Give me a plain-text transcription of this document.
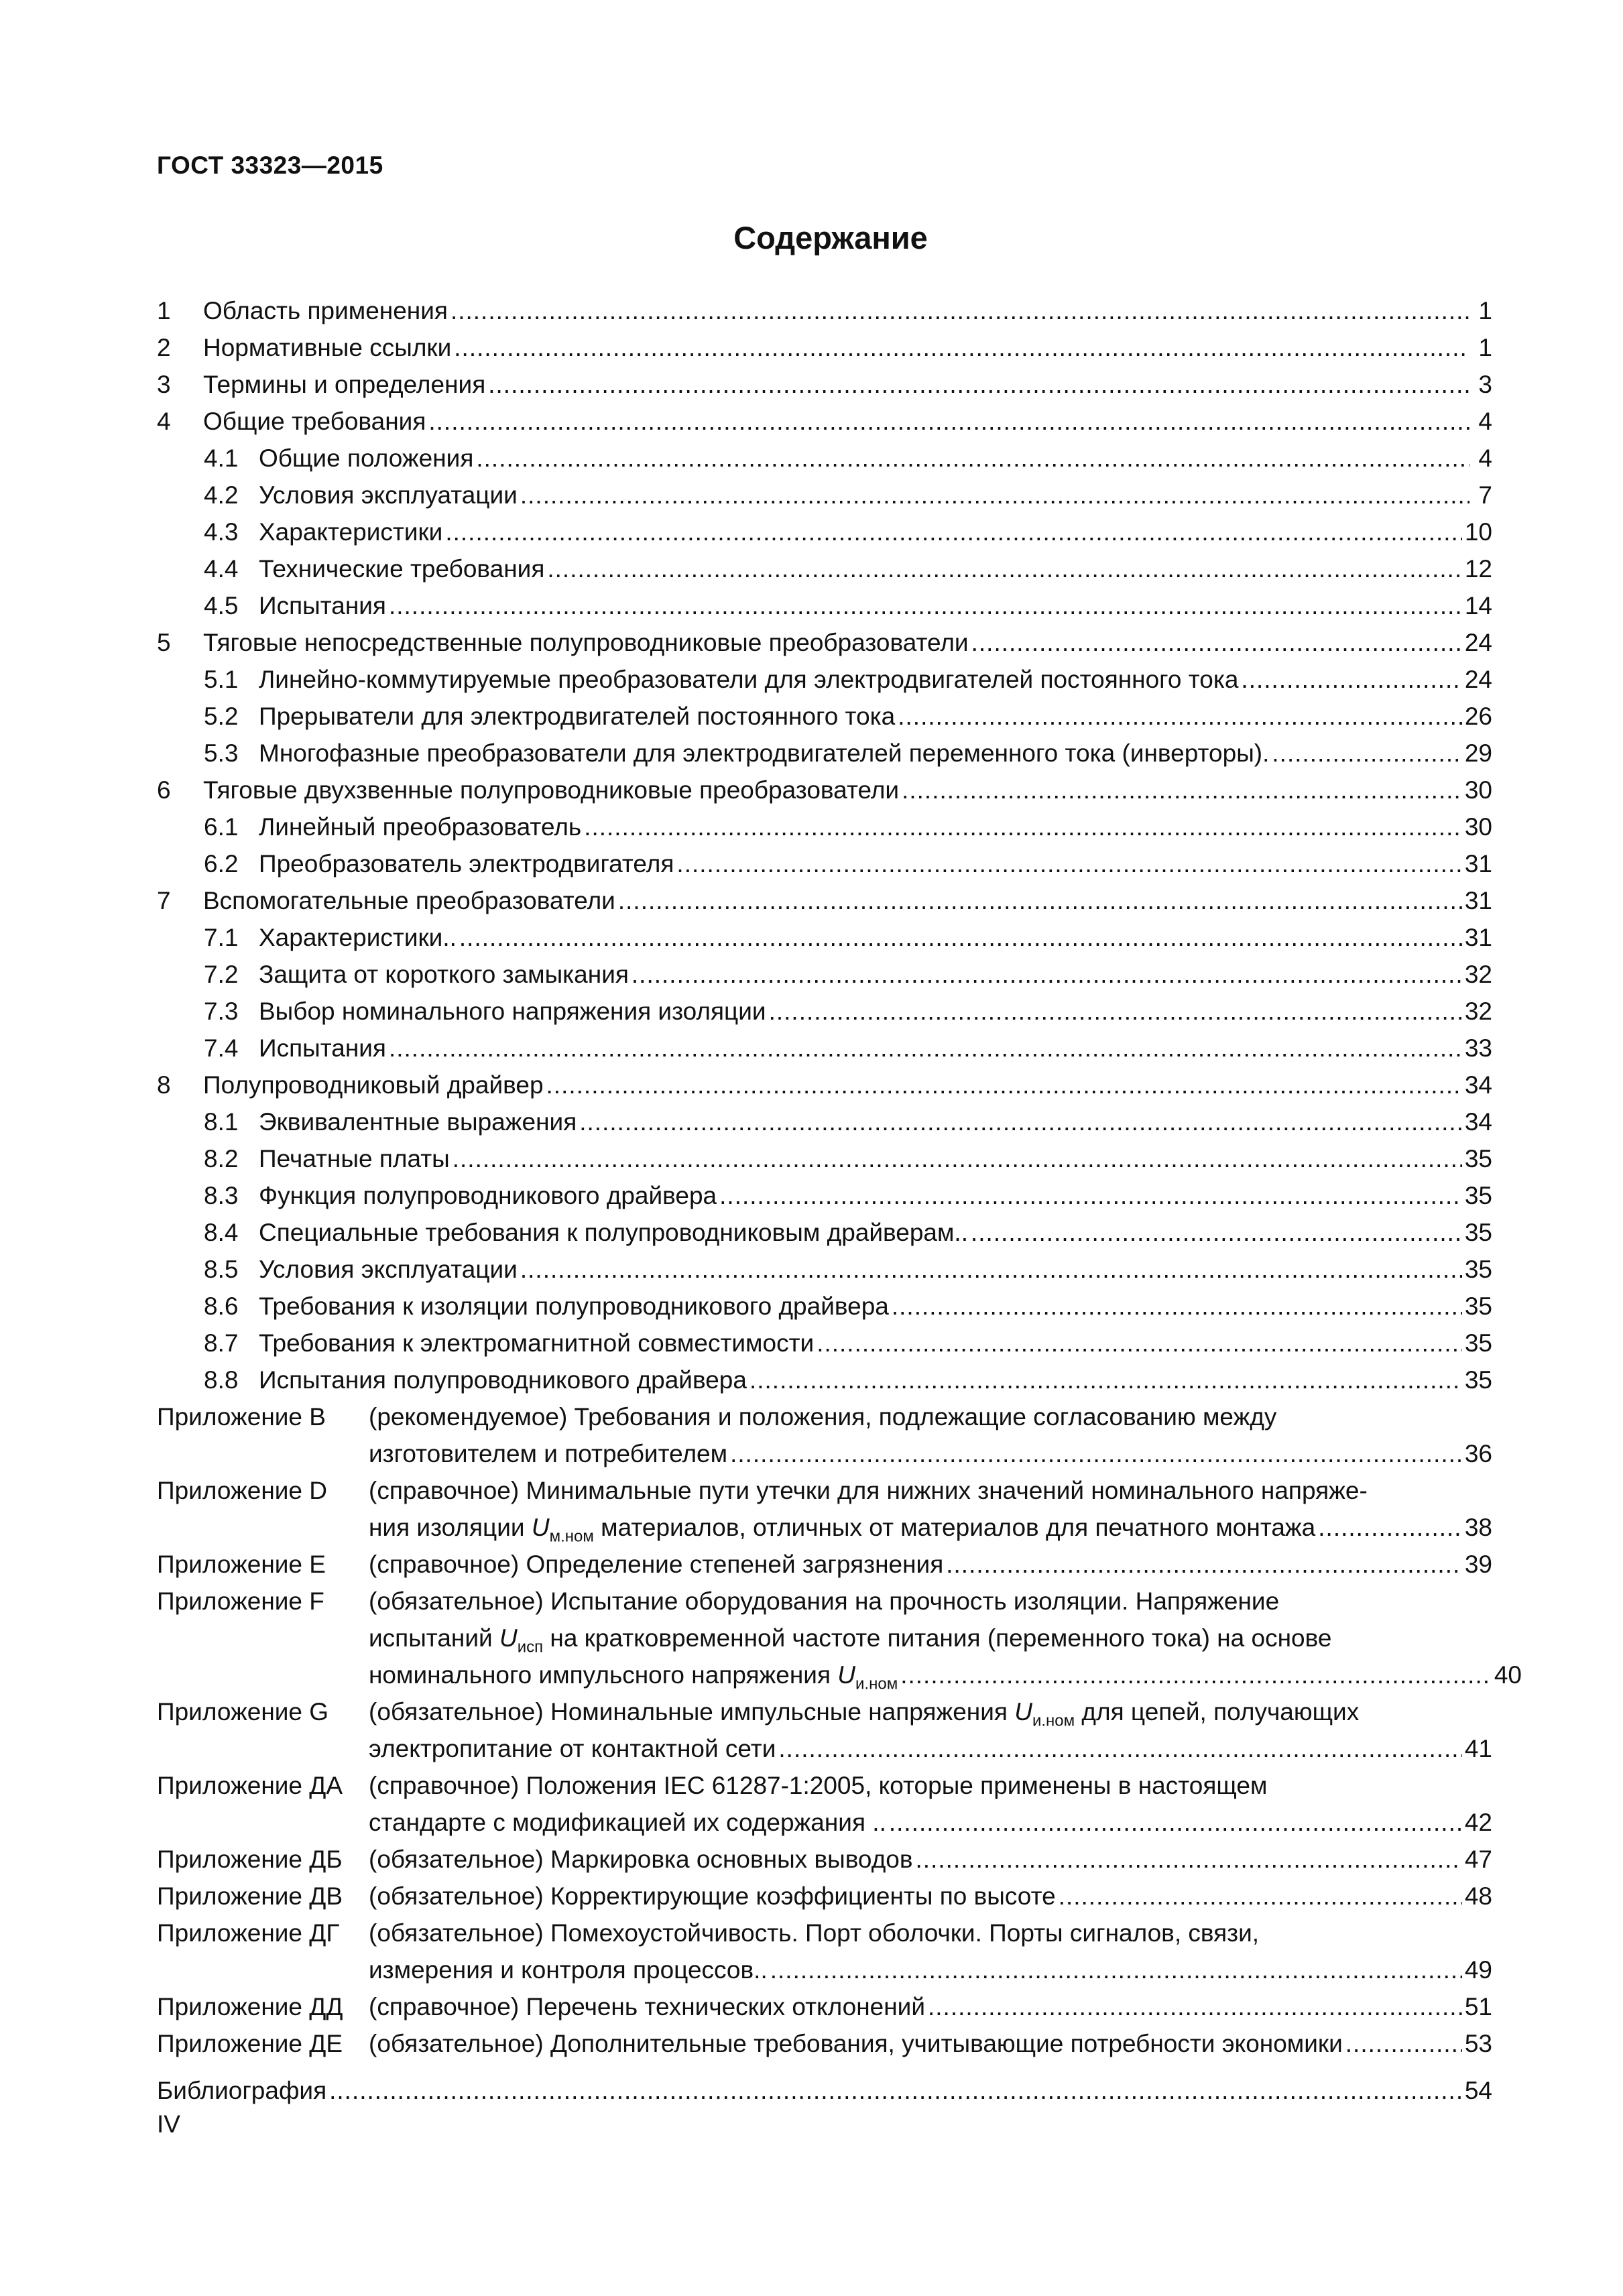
ГОСТ 33323—2015
Содержание
1	Область применения .....	1
2	Нормативные ссылки .....	1
3	Термины и определения .....	3
4	Общие требования .....	4
4.1 Общие положения .....	4
4.2 Условия эксплуатации .....	7
4.3 Характеристики .....	10
4.4 Технические требования .....	12
4.5 Испытания .....	14
5	Тяговые непосредственные полупроводниковые преобразователи .....	24
5.1 Линейно-коммутируемые преобразователи для электродвигателей постоянного тока .....	24
5.2 Прерыватели для электродвигателей постоянного тока .....	26
5.3 Многофазные преобразователи для электродвигателей переменного тока (инверторы). .....	29
6	Тяговые двухзвенные полупроводниковые преобразователи .....	30
6.1 Линейный преобразователь .....	30
6.2 Преобразователь электродвигателя .....	31
7	Вспомогательные преобразователи .....	31
7.1 Характеристики.. .....	31
7.2 Защита от короткого замыкания .....	32
7.3 Выбор номинального напряжения изоляции .....	32
7.4 Испытания .....	33
8	Полупроводниковый драйвер .....	34
8.1 Эквивалентные выражения .....	34
8.2 Печатные платы .....	35
8.3 Функция полупроводникового драйвера .....	35
8.4 Специальные требования к полупроводниковым драйверам.. .....	35
8.5 Условия эксплуатации .....	35
8.6 Требования к изоляции полупроводникового драйвера .....	35
8.7 Требования к электромагнитной совместимости .....	35
8.8 Испытания полупроводникового драйвера .....	35
Приложение B	(рекомендуемое) Требования и положения, подлежащие согласованию между
изготовителем и потребителем .....	36
Приложение D	(справочное) Минимальные пути утечки для нижних значений номинального напряже-
ния изоляции $U_{м.ном}$ материалов, отличных от материалов для печатного монтажа .....	38
Приложение E	(справочное) Определение степеней загрязнения .....	39
Приложение F	(обязательное) Испытание оборудования на прочность изоляции. Напряжение
испытаний $U_{исп}$ на кратковременной частоте питания (переменного тока) на основе
номинального импульсного напряжения $U_{и.ном}$ .....	40
Приложение G	(обязательное) Номинальные импульсные напряжения $U_{и.ном}$ для цепей, получающих
электропитание от контактной сети .....	41
Приложение ДА	(справочное) Положения IEC 61287-1:2005, которые применены в настоящем
стандарте с модификацией их содержания .. .....	42
Приложение ДБ	(обязательное) Маркировка основных выводов .....	47
Приложение ДВ	(обязательное) Корректирующие коэффициенты по высоте .....	48
Приложение ДГ	(обязательное) Помехоустойчивость. Порт оболочки. Порты сигналов, связи,
измерения и контроля процессов.. .....	49
Приложение ДД	(справочное) Перечень технических отклонений .....	51
Приложение ДЕ	(обязательное) Дополнительные требования, учитывающие потребности экономики .....	53
Библиография .....	54
IV
